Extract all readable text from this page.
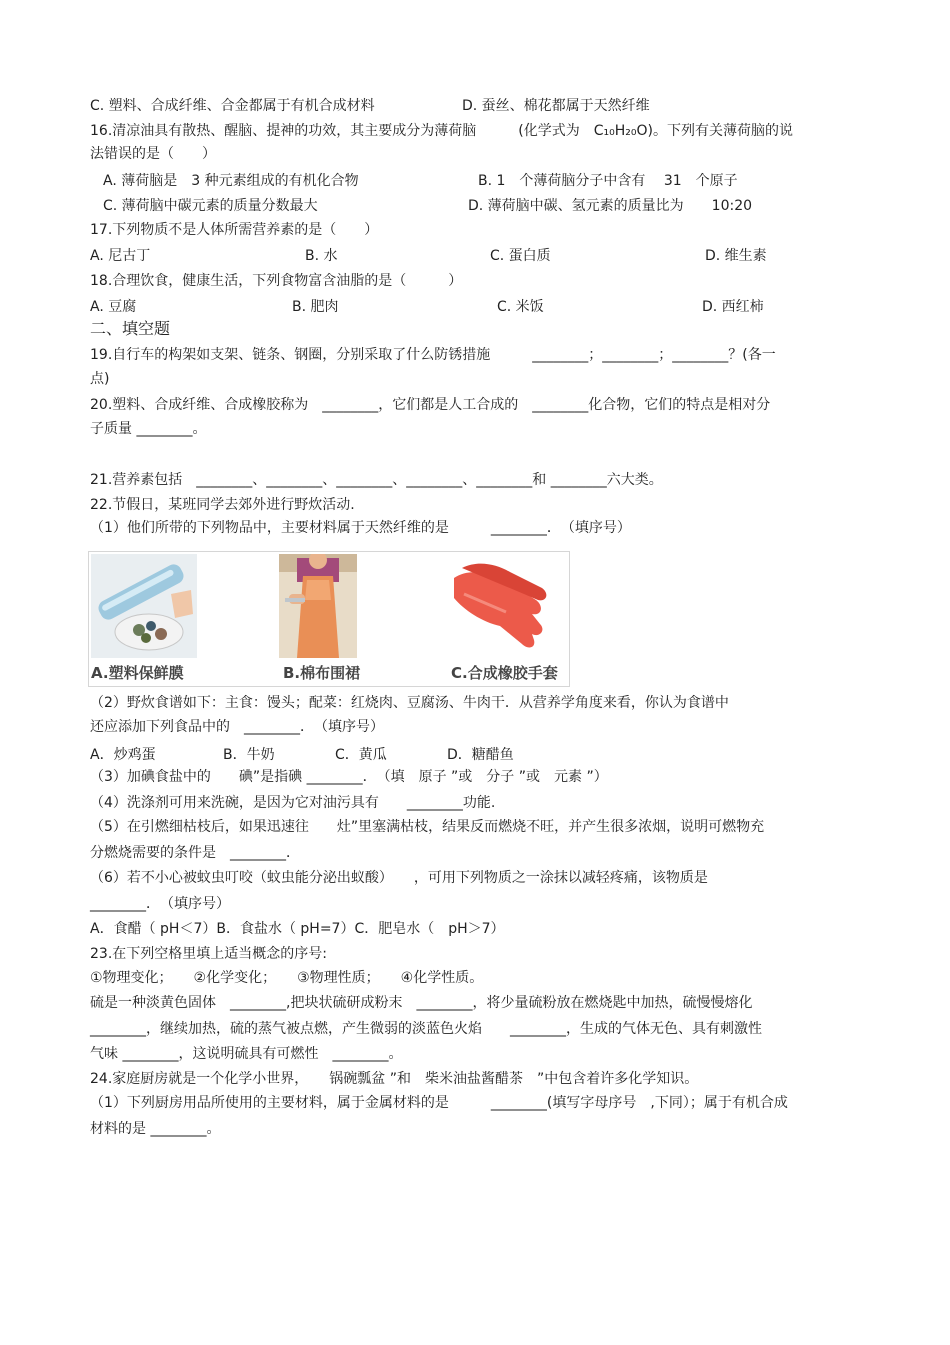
C. 塑料、合成纤维、合金都属于有机合成材料	D. 蚕丝、棉花都属于天然纤维
16.清凉油具有散热、醒脑、提神的功效，其主要成分为薄荷脑　　　(化学式为　C₁₀H₂₀O)。下列有关薄荷脑的说
法错误的是（　　）
A. 薄荷脑是　3 种元素组成的有机化合物	B. 1　个薄荷脑分子中含有　 31　个原子
C. 薄荷脑中碳元素的质量分数最大	D. 薄荷脑中碳、氢元素的质量比为　　10:20
17.下列物质不是人体所需营养素的是（　　）
A. 尼古丁	B. 水	C. 蛋白质	D. 维生素
18.合理饮食，健康生活，下列食物富含油脂的是（　　　）
A. 豆腐	B. 肥肉	C. 米饭	D. 西红柿
二、填空题
19.自行车的构架如支架、链条、钢圈，分别采取了什么防锈措施　　　________；________；________？(各一
点)
20.塑料、合成纤维、合成橡胶称为　________，它们都是人工合成的　________化合物，它们的特点是相对分
子质量 ________。
21.营养素包括　________、________、________、________、________和 ________六大类。
22.节假日，某班同学去郊外进行野炊活动.
（1）他们所带的下列物品中，主要材料属于天然纤维的是　　　________．　（填序号）
A.塑料保鲜膜	B.棉布围裙	C.合成橡胶手套
（2）野炊食谱如下：主食：馒头；配菜：红烧肉、豆腐汤、牛肉干．从营养学角度来看，你认为食谱中
还应添加下列食品中的　________．　（填序号）
A．炒鸡蛋	B．牛奶	C．黄瓜	D．糖醋鱼
（3）加碘食盐中的　　碘”是指碘 ________．　（填　原子 ”或　分子 ”或　元素 ”）
（4）洗涤剂可用来洗碗，是因为它对油污具有　　________功能.
（5）在引燃细枯枝后，如果迅速往　　灶”里塞满枯枝，结果反而燃烧不旺，并产生很多浓烟，说明可燃物充
分燃烧需要的条件是　________．
（6）若不小心被蚊虫叮咬（蚊虫能分泌出蚁酸）　　，可用下列物质之一涂抹以减轻疼痛，该物质是
________．　（填序号）
A．食醋（ pH＜7）B．食盐水（ pH=7）C．肥皂水（　pH＞7）
23.在下列空格里填上适当概念的序号:
①物理变化；　　②化学变化；　　③物理性质；　　④化学性质。
硫是一种淡黄色固体　________,把块状硫研成粉末　________，将少量硫粉放在燃烧匙中加热，硫慢慢熔化
________，继续加热，硫的蒸气被点燃，产生微弱的淡蓝色火焰　　________，生成的气体无色、具有刺激性
气味 ________，这说明硫具有可燃性　________。
24.家庭厨房就是一个化学小世界，　　锅碗瓢盆 ”和　柴米油盐酱醋茶　”中包含着许多化学知识。
（1）下列厨房用品所使用的主要材料，属于金属材料的是　　　________(填写字母序号　,下同）；属于有机合成
材料的是 ________。
